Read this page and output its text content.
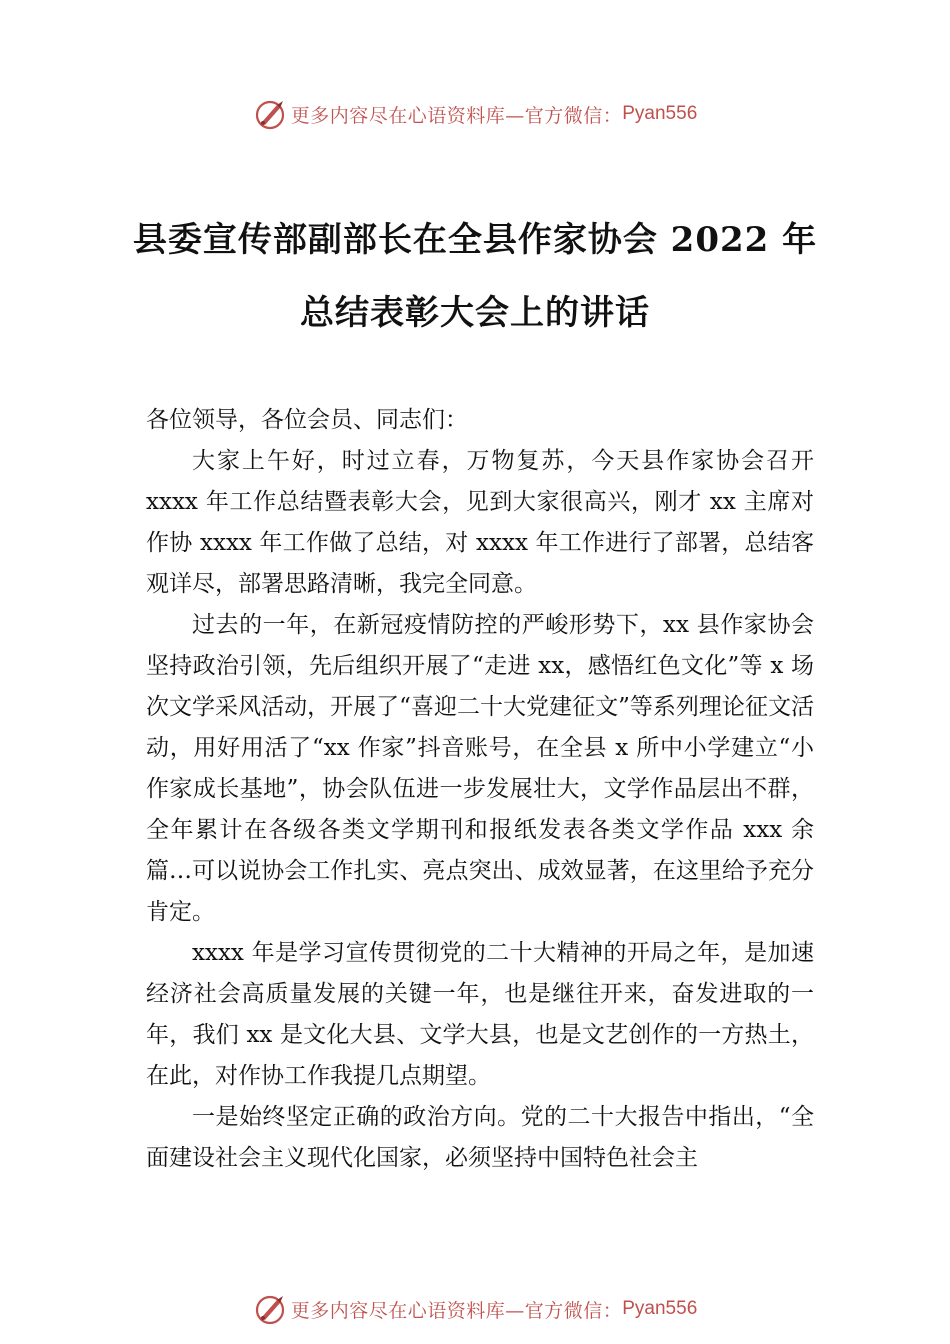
更多内容尽在心语资料库—官方微信： Pyan556
县委宣传部副部长在全县作家协会 2022 年
总结表彰大会上的讲话

各位领导，各位会员、同志们：

大家上午好，时过立春，万物复苏，今天县作家协会召开 xxxx 年工作总结暨表彰大会，见到大家很高兴，刚才 xx 主席对作协 xxxx 年工作做了总结，对 xxxx 年工作进行了部署，总结客观详尽，部署思路清晰，我完全同意。

过去的一年，在新冠疫情防控的严峻形势下，xx 县作家协会坚持政治引领，先后组织开展了“走进 xx，感悟红色文化”等 x 场次文学采风活动，开展了“喜迎二十大党建征文”等系列理论征文活动，用好用活了“xx 作家”抖音账号，在全县 x 所中小学建立“小作家成长基地”，协会队伍进一步发展壮大，文学作品层出不群，全年累计在各级各类文学期刊和报纸发表各类文学作品 xxx 余篇…可以说协会工作扎实、亮点突出、成效显著，在这里给予充分肯定。

xxxx 年是学习宣传贯彻党的二十大精神的开局之年，是加速经济社会高质量发展的关键一年，也是继往开来，奋发进取的一年，我们 xx 是文化大县、文学大县，也是文艺创作的一方热土，在此，对作协工作我提几点期望。

一是始终坚定正确的政治方向。党的二十大报告中指出，“全面建设社会主义现代化国家，必须坚持中国特色社会主

更多内容尽在心语资料库—官方微信： Pyan556
